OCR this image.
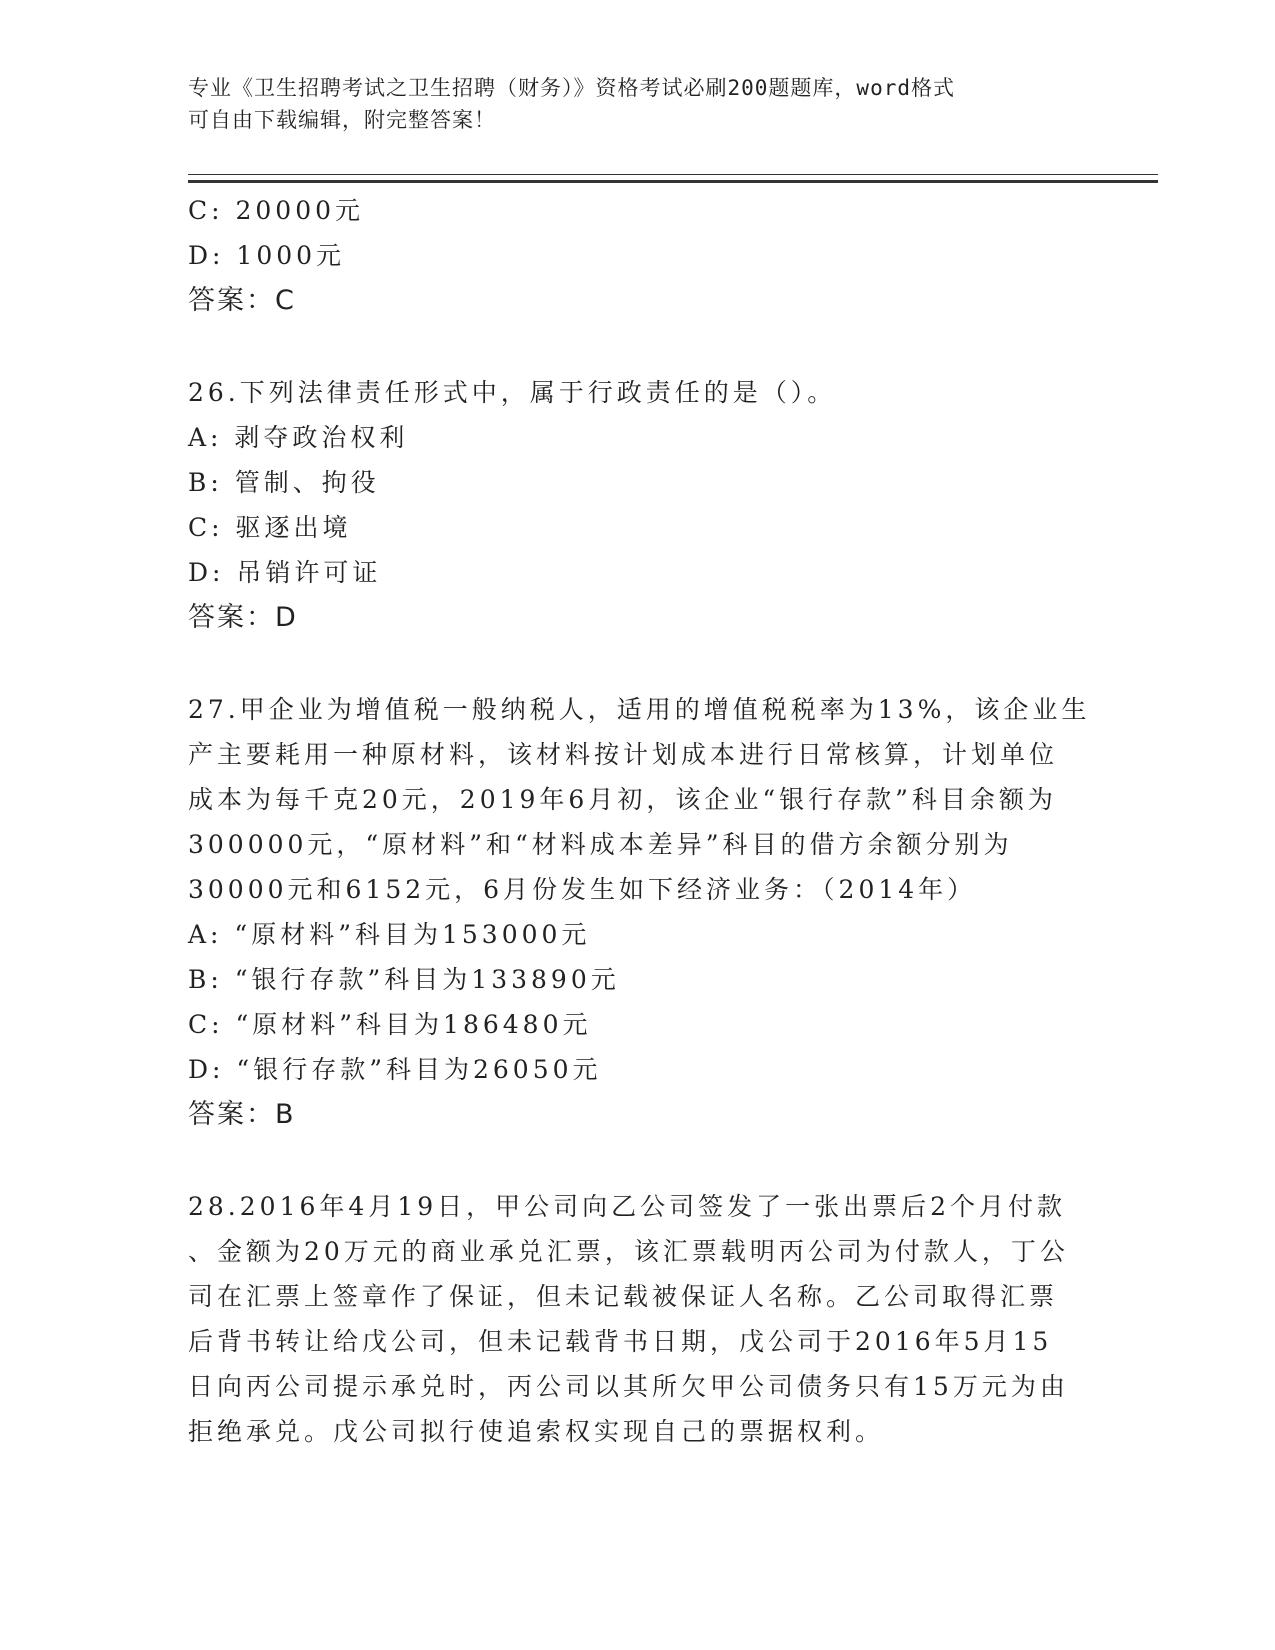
专业《卫生招聘考试之卫生招聘（财务）》资格考试必刷200题题库，word格式
可自由下载编辑，附完整答案！
C: 20000元
D: 1000元
答案：C
26.下列法律责任形式中，属于行政责任的是（）。
A: 剥夺政治权利
B: 管制、拘役
C: 驱逐出境
D: 吊销许可证
答案：D
27.甲企业为增值税一般纳税人，适用的增值税税率为13%，该企业生
产主要耗用一种原材料，该材料按计划成本进行日常核算，计划单位
成本为每千克20元，2019年6月初，该企业“银行存款”科目余额为
300000元，“原材料”和“材料成本差异”科目的借方余额分别为
30000元和6152元，6月份发生如下经济业务：（2014年）
A: “原材料”科目为153000元
B: “银行存款”科目为133890元
C: “原材料”科目为186480元
D: “银行存款”科目为26050元
答案：B
28.2016年4月19日，甲公司向乙公司签发了一张出票后2个月付款
、金额为20万元的商业承兑汇票，该汇票载明丙公司为付款人，丁公
司在汇票上签章作了保证，但未记载被保证人名称。乙公司取得汇票
后背书转让给戊公司，但未记载背书日期，戊公司于2016年5月15
日向丙公司提示承兑时，丙公司以其所欠甲公司债务只有15万元为由
拒绝承兑。戊公司拟行使追索权实现自己的票据权利。
